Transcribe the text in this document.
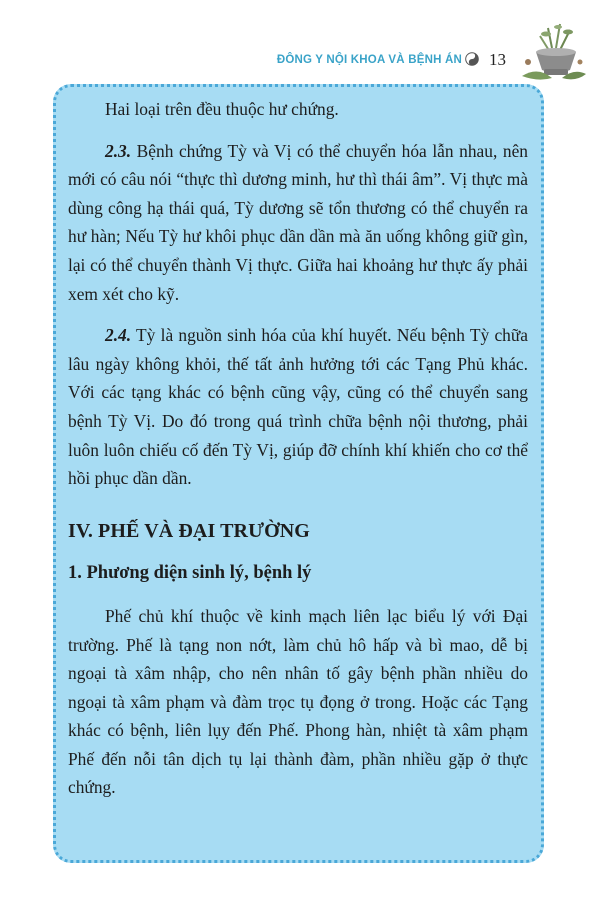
ĐÔNG Y NỘI KHOA VÀ BỆNH ÁN 13

Hai loại trên đều thuộc hư chứng.

2.3. Bệnh chứng Tỳ và Vị có thể chuyển hóa lẫn nhau, nên mới có câu nói “thực thì dương minh, hư thì thái âm”. Vị thực mà dùng công hạ thái quá, Tỳ dương sẽ tổn thương có thể chuyển ra hư hàn; Nếu Tỳ hư khôi phục dần dần mà ăn uống không giữ gìn, lại có thể chuyển thành Vị thực. Giữa hai khoảng hư thực ấy phải xem xét cho kỹ.

2.4. Tỳ là nguồn sinh hóa của khí huyết. Nếu bệnh Tỳ chữa lâu ngày không khỏi, thế tất ảnh hưởng tới các Tạng Phủ khác. Với các tạng khác có bệnh cũng vậy, cũng có thể chuyển sang bệnh Tỳ Vị. Do đó trong quá trình chữa bệnh nội thương, phải luôn luôn chiếu cố đến Tỳ Vị, giúp đỡ chính khí khiến cho cơ thể hồi phục dần dần.

IV. PHẾ VÀ ĐẠI TRƯỜNG
1. Phương diện sinh lý, bệnh lý

Phế chủ khí thuộc về kinh mạch liên lạc biểu lý với Đại trường. Phế là tạng non nớt, làm chủ hô hấp và bì mao, dễ bị ngoại tà xâm nhập, cho nên nhân tố gây bệnh phần nhiều do ngoại tà xâm phạm và đàm trọc tụ đọng ở trong. Hoặc các Tạng khác có bệnh, liên lụy đến Phế. Phong hàn, nhiệt tà xâm phạm Phế đến nỗi tân dịch tụ lại thành đàm, phần nhiều gặp ở thực chứng.
